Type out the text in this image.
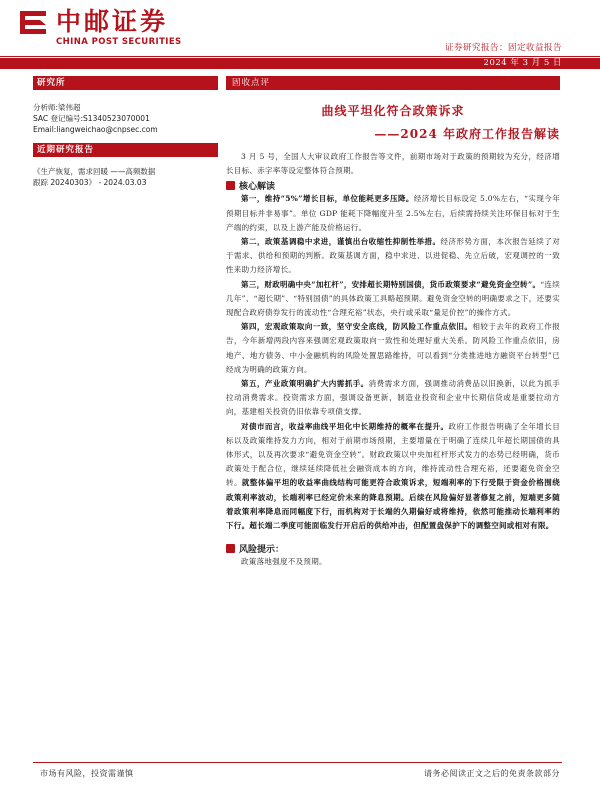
中邮证券
CHINA POST SECURITIES
证券研究报告：固定收益报告
2024 年 3 月 5 日
研究所
分析师:梁伟超
SAC 登记编号:S1340523070001
Email:liangweichao@cnpsec.com
近期研究报告
《生产恢复，需求回暖 ——高频数据
跟踪 20240303》 - 2024.03.03
固收点评
曲线平坦化符合政策诉求
——2024 年政府工作报告解读

3 月 5 号，全国人大审议政府工作报告等文件，前期市场对于政策的预期较为充分，经济增长目标、赤字率等设定整体符合预期。

核心解读

第一，维持“5%”增长目标，单位能耗更多压降。经济增长目标设定 5.0%左右，“实现今年预期目标并非易事”。单位 GDP 能耗下降幅度升至 2.5%左右，后续需持续关注环保目标对于生产端的约束，以及上游产能及价格运行。

第二，政策基调稳中求进，谨慎出台收缩性抑制性举措。经济形势方面，本次报告延续了对于需求、供给和预期的判断。政策基调方面，稳中求进、以进促稳、先立后破，宏观调控的一致性来助力经济增长。

第三，财政明确中央“加杠杆”，安排超长期特别国债，货币政策要求“避免资金空转”。“连续几年”、“超长期”、“特别国债”的具体政策工具略超预期。避免资金空转的明确要求之下，还要实现配合政府债券发行的流动性“合理充裕”状态，央行或采取“量足价控”的操作方式。

第四，宏观政策取向一致，坚守安全底线，防风险工作重点依旧。相较于去年的政府工作报告，今年新增两段内容来强调宏观政策取向一致性和处理好重大关系。防风险工作重点依旧，房地产、地方债务、中小金融机构的风险处置思路维持，可以看到“分类推进地方融资平台转型”已经成为明确的政策方向。

第五，产业政策明确扩大内需抓手。消费需求方面，强调推动消费品以旧换新，以此为抓手拉动消费需求。投资需求方面，强调设备更新，制造业投资和企业中长期信贷或是重要拉动方向，基建相关投资仍旧依靠专项债支撑。

对债市而言，收益率曲线平坦化中长期维持的概率在提升。政府工作报告明确了全年增长目标以及政策维持发力方向，相对于前期市场预期，主要增量在于明确了连续几年超长期国债的具体形式，以及再次要求“避免资金空转”。财政政策以中央加杠杆形式发力的态势已经明确，货币政策处于配合位，继续延续降低社会融资成本的方向，维持流动性合理充裕，还要避免资金空转。就整体偏平坦的收益率曲线结构可能更符合政策诉求，短端利率的下行受限于资金价格围绕政策利率波动，长端利率已经定价未来的降息预期。后续在风险偏好显著修复之前，短端更多随着政策利率降息而同幅度下行，而机构对于长端的久期偏好或将维持，依然可能推动长端利率的下行。超长端二季度可能面临发行开启后的供给冲击，但配置盘保护下的调整空间或相对有限。

风险提示：

政策落地强度不及预期。

市场有风险，投资需谨慎	请务必阅读正文之后的免责条款部分
